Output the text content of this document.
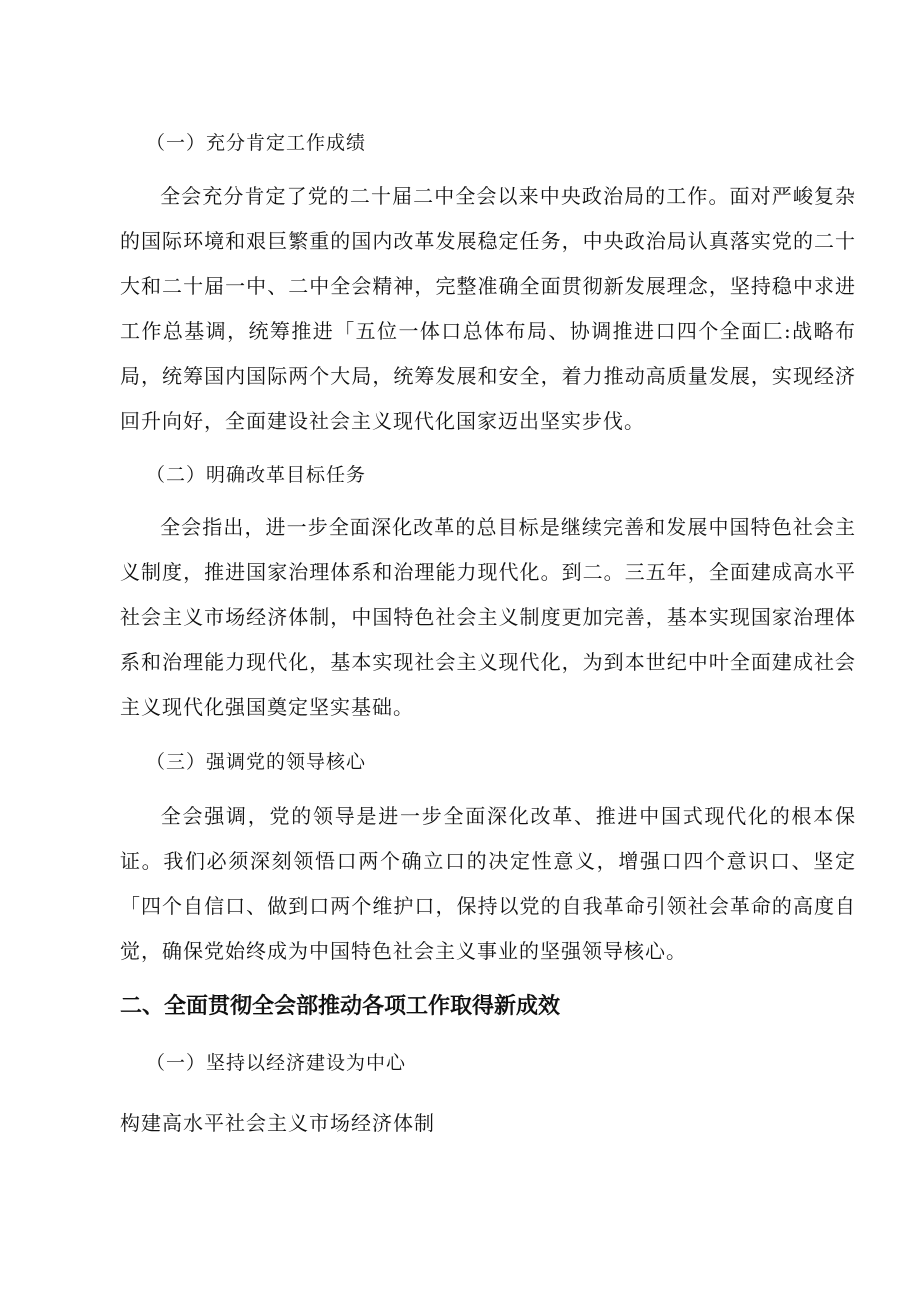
（一）充分肯定工作成绩

全会充分肯定了党的二十届二中全会以来中央政治局的工作。面对严峻复杂的国际环境和艰巨繁重的国内改革发展稳定任务，中央政治局认真落实党的二十大和二十届一中、二中全会精神，完整准确全面贯彻新发展理念，坚持稳中求进工作总基调，统筹推进「五位一体口总体布局、协调推进口四个全面匚:战略布局，统筹国内国际两个大局，统筹发展和安全，着力推动高质量发展，实现经济回升向好，全面建设社会主义现代化国家迈出坚实步伐。

（二）明确改革目标任务

全会指出，进一步全面深化改革的总目标是继续完善和发展中国特色社会主义制度，推进国家治理体系和治理能力现代化。到二。三五年，全面建成高水平社会主义市场经济体制，中国特色社会主义制度更加完善，基本实现国家治理体系和治理能力现代化，基本实现社会主义现代化，为到本世纪中叶全面建成社会主义现代化强国奠定坚实基础。

（三）强调党的领导核心

全会强调，党的领导是进一步全面深化改革、推进中国式现代化的根本保证。我们必须深刻领悟口两个确立口的决定性意义，增强口四个意识口、坚定「四个自信口、做到口两个维护口，保持以党的自我革命引领社会革命的高度自觉，确保党始终成为中国特色社会主义事业的坚强领导核心。

二、全面贯彻全会部推动各项工作取得新成效
（一）坚持以经济建设为中心

构建高水平社会主义市场经济体制
